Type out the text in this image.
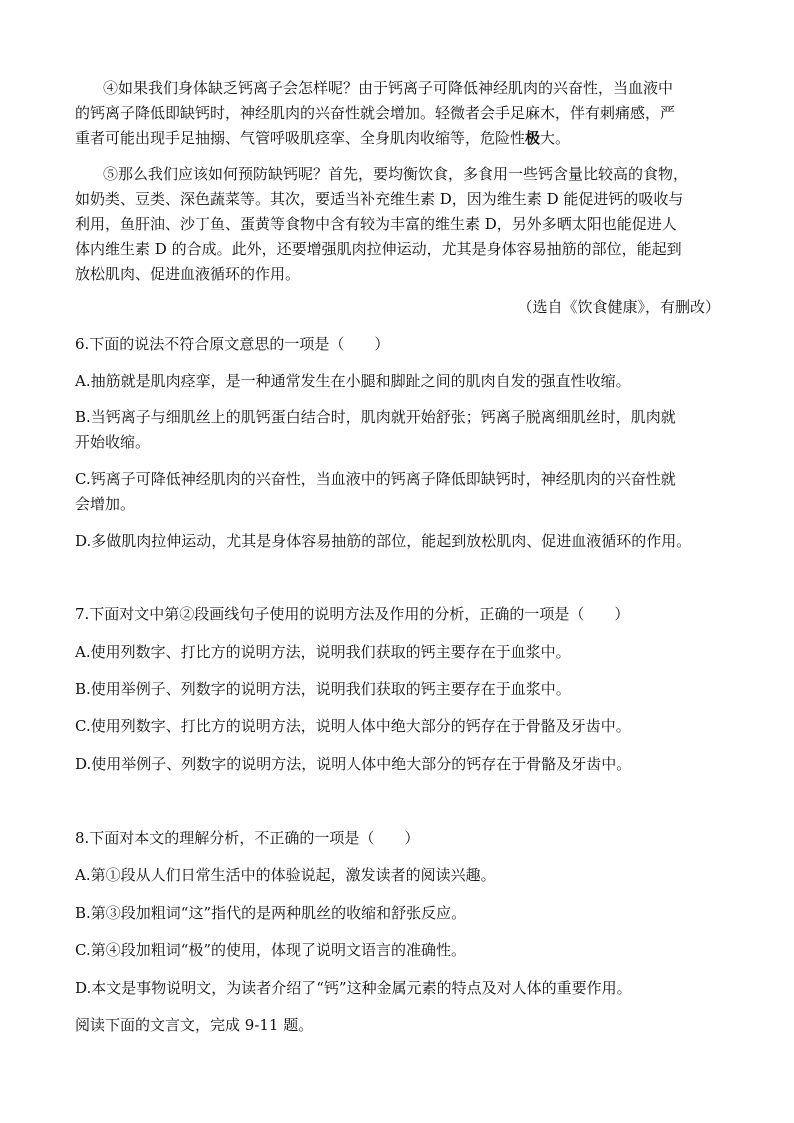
④如果我们身体缺乏钙离子会怎样呢？由于钙离子可降低神经肌肉的兴奋性，当血液中
的钙离子降低即缺钙时，神经肌肉的兴奋性就会增加。轻微者会手足麻木，伴有刺痛感，严
重者可能出现手足抽搦、气管呼吸肌痉挛、全身肌肉收缩等，危险性极大。
⑤那么我们应该如何预防缺钙呢？首先，要均衡饮食，多食用一些钙含量比较高的食物，
如奶类、豆类、深色蔬菜等。其次，要适当补充维生素 D，因为维生素 D 能促进钙的吸收与
利用，鱼肝油、沙丁鱼、蛋黄等食物中含有较为丰富的维生素 D，另外多晒太阳也能促进人
体内维生素 D 的合成。此外，还要增强肌肉拉伸运动，尤其是身体容易抽筋的部位，能起到
放松肌肉、促进血液循环的作用。
（选自《饮食健康》，有删改）
6.下面的说法不符合原文意思的一项是（　　）
A.抽筋就是肌肉痉挛，是一种通常发生在小腿和脚趾之间的肌肉自发的强直性收缩。
B.当钙离子与细肌丝上的肌钙蛋白结合时，肌肉就开始舒张；钙离子脱离细肌丝时，肌肉就
开始收缩。
C.钙离子可降低神经肌肉的兴奋性，当血液中的钙离子降低即缺钙时，神经肌肉的兴奋性就
会增加。
D.多做肌肉拉伸运动，尤其是身体容易抽筋的部位，能起到放松肌肉、促进血液循环的作用。
7.下面对文中第②段画线句子使用的说明方法及作用的分析，正确的一项是（　　）
A.使用列数字、打比方的说明方法，说明我们获取的钙主要存在于血浆中。
B.使用举例子、列数字的说明方法，说明我们获取的钙主要存在于血浆中。
C.使用列数字、打比方的说明方法，说明人体中绝大部分的钙存在于骨骼及牙齿中。
D.使用举例子、列数字的说明方法，说明人体中绝大部分的钙存在于骨骼及牙齿中。
8.下面对本文的理解分析，不正确的一项是（　　）
A.第①段从人们日常生活中的体验说起，激发读者的阅读兴趣。
B.第③段加粗词“这”指代的是两种肌丝的收缩和舒张反应。
C.第④段加粗词“极”的使用，体现了说明文语言的准确性。
D.本文是事物说明文，为读者介绍了“钙”这种金属元素的特点及对人体的重要作用。
阅读下面的文言文，完成 9-11 题。
